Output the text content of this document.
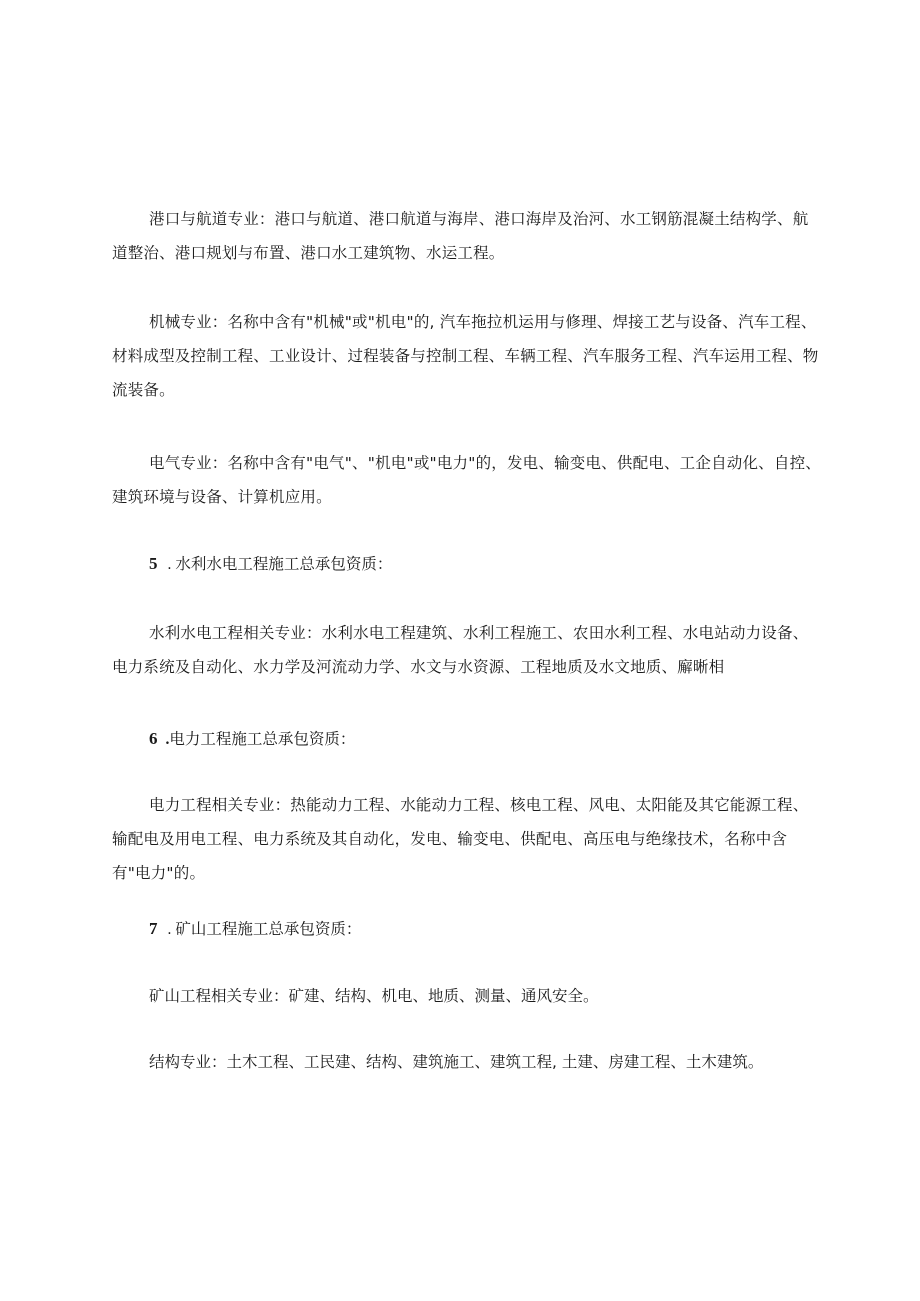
港口与航道专业：港口与航道、港口航道与海岸、港口海岸及治河、水工钢筋混凝土结构学、航道整治、港口规划与布置、港口水工建筑物、水运工程。

机械专业：名称中含有"机械"或"机电"的, 汽车拖拉机运用与修理、焊接工艺与设备、汽车工程、材料成型及控制工程、工业设计、过程装备与控制工程、车辆工程、汽车服务工程、汽车运用工程、物流装备。

电气专业：名称中含有"电气"、"机电"或"电力"的，发电、输变电、供配电、工企自动化、自控、建筑环境与设备、计算机应用。

5 . 水利水电工程施工总承包资质：

水利水电工程相关专业：水利水电工程建筑、水利工程施工、农田水利工程、水电站动力设备、电力系统及自动化、水力学及河流动力学、水文与水资源、工程地质及水文地质、廨晰相

6 .电力工程施工总承包资质：

电力工程相关专业：热能动力工程、水能动力工程、核电工程、风电、太阳能及其它能源工程、输配电及用电工程、电力系统及其自动化，发电、输变电、供配电、高压电与绝缘技术，名称中含有"电力"的。

7 . 矿山工程施工总承包资质：

矿山工程相关专业：矿建、结构、机电、地质、测量、通风安全。

结构专业：土木工程、工民建、结构、建筑施工、建筑工程, 土建、房建工程、土木建筑。
